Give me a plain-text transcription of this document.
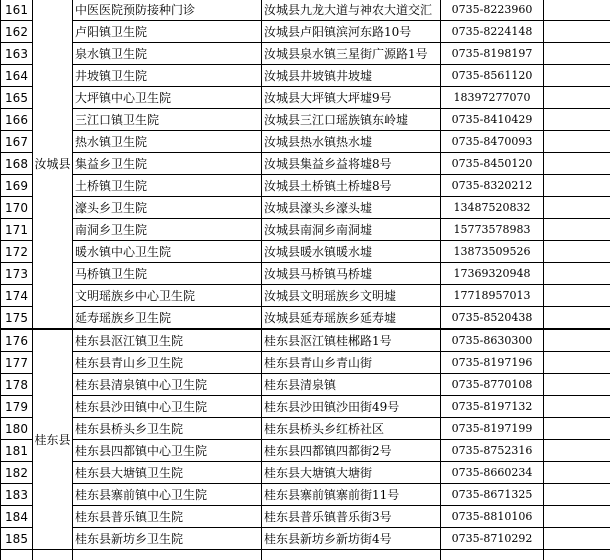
161	汝城县	中医医院预防接种门诊	汝城县九龙大道与神农大道交汇	0735-8223960	
162		卢阳镇卫生院	汝城县卢阳镇滨河东路10号	0735-8224148	
163		泉水镇卫生院	汝城县泉水镇三星街广源路1号	0735-8198197	
164		井坡镇卫生院	汝城县井坡镇井坡墟	0735-8561120	
165		大坪镇中心卫生院	汝城县大坪镇大坪墟9号	18397277070	
166		三江口镇卫生院	汝城县三江口瑶族镇东岭墟	0735-8410429	
167		热水镇卫生院	汝城县热水镇热水墟	0735-8470093	
168		集益乡卫生院	汝城县集益乡益将墟8号	0735-8450120	
169		土桥镇卫生院	汝城县土桥镇土桥墟8号	0735-8320212	
170		濠头乡卫生院	汝城县濠头乡濠头墟	13487520832	
171		南洞乡卫生院	汝城县南洞乡南洞墟	15773578983	
172		暖水镇中心卫生院	汝城县暖水镇暖水墟	13873509526	
173		马桥镇卫生院	汝城县马桥镇马桥墟	17369320948	
174		文明瑶族乡中心卫生院	汝城县文明瑶族乡文明墟	17718957013	
175		延寿瑶族乡卫生院	汝城县延寿瑶族乡延寿墟	0735-8520438	
176	桂东县	桂东县沤江镇卫生院	桂东县沤江镇桂郴路1号	0735-8630300	
177		桂东县青山乡卫生院	桂东县青山乡青山街	0735-8197196	
178		桂东县清泉镇中心卫生院	桂东县清泉镇	0735-8770108	
179		桂东县沙田镇中心卫生院	桂东县沙田镇沙田街49号	0735-8197132	
180		桂东县桥头乡卫生院	桂东县桥头乡红桥社区	0735-8197199	
181		桂东县四都镇中心卫生院	桂东县四都镇四都街2号	0735-8752316	
182		桂东县大塘镇卫生院	桂东县大塘镇大塘街	0735-8660234	
183		桂东县寨前镇中心卫生院	桂东县寨前镇寨前街11号	0735-8671325	
184		桂东县普乐镇卫生院	桂东县普乐镇普乐街3号	0735-8810106	
185		桂东县新坊乡卫生院	桂东县新坊乡新坊街4号	0735-8710292	
